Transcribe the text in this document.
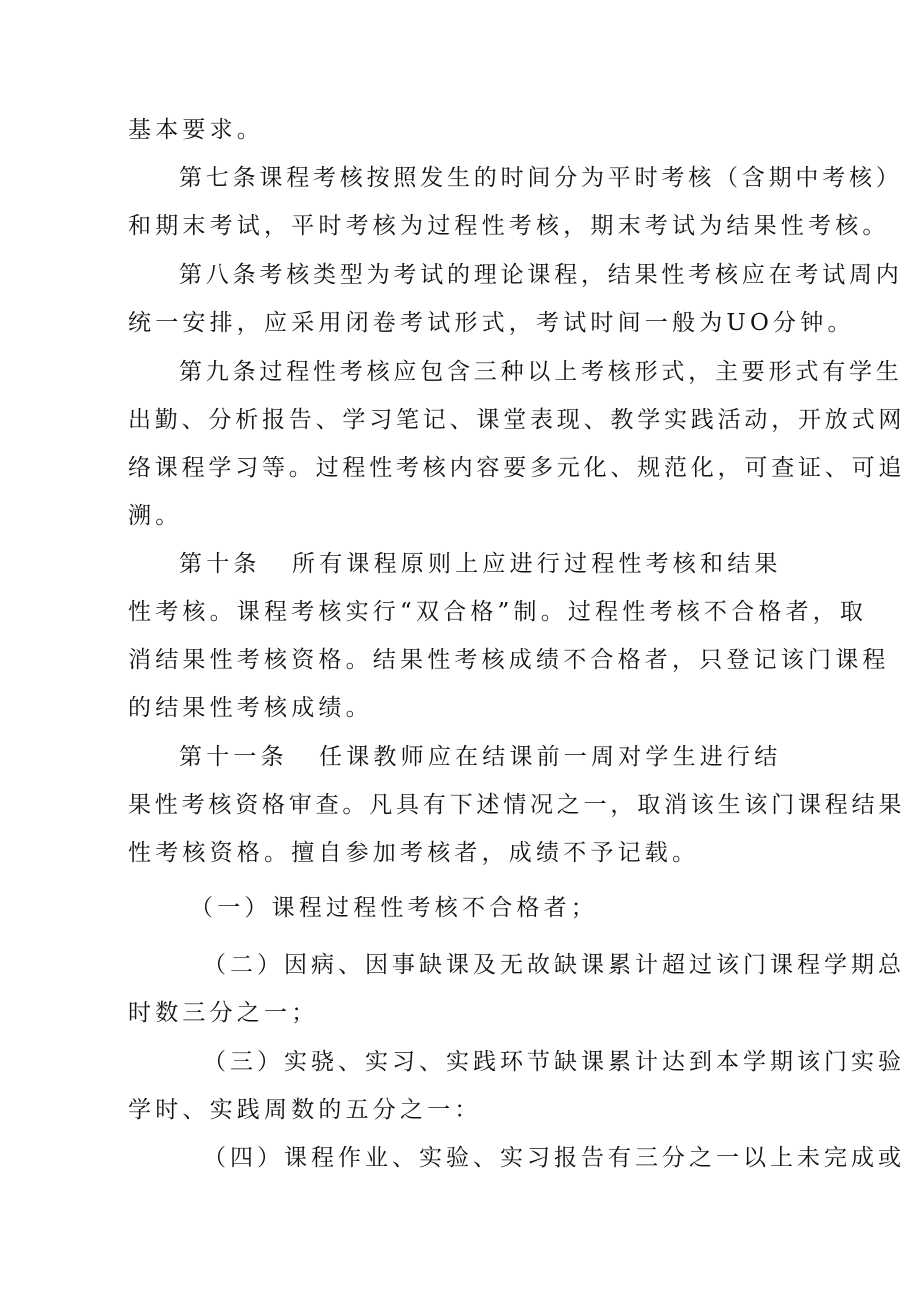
基本要求。

第七条课程考核按照发生的时间分为平时考核（含期中考核）

和期末考试，平时考核为过程性考核，期末考试为结果性考核。

第八条考核类型为考试的理论课程，结果性考核应在考试周内

统一安排，应采用闭卷考试形式，考试时间一般为UO分钟。

第九条过程性考核应包含三种以上考核形式，主要形式有学生

出勤、分析报告、学习笔记、课堂表现、教学实践活动，开放式网

络课程学习等。过程性考核内容要多元化、规范化，可查证、可追

溯。

第十条 所有课程原则上应进行过程性考核和结果

性考核。课程考核实行“双合格”制。过程性考核不合格者，取

消结果性考核资格。结果性考核成绩不合格者，只登记该门课程

的结果性考核成绩。

第十一条 任课教师应在结课前一周对学生进行结

果性考核资格审查。凡具有下述情况之一，取消该生该门课程结果

性考核资格。擅自参加考核者，成绩不予记载。

（一）课程过程性考核不合格者；

（二）因病、因事缺课及无故缺课累计超过该门课程学期总

时数三分之一；

（三）实骁、实习、实践环节缺课累计达到本学期该门实验

学时、实践周数的五分之一：

（四）课程作业、实验、实习报告有三分之一以上未完成或
